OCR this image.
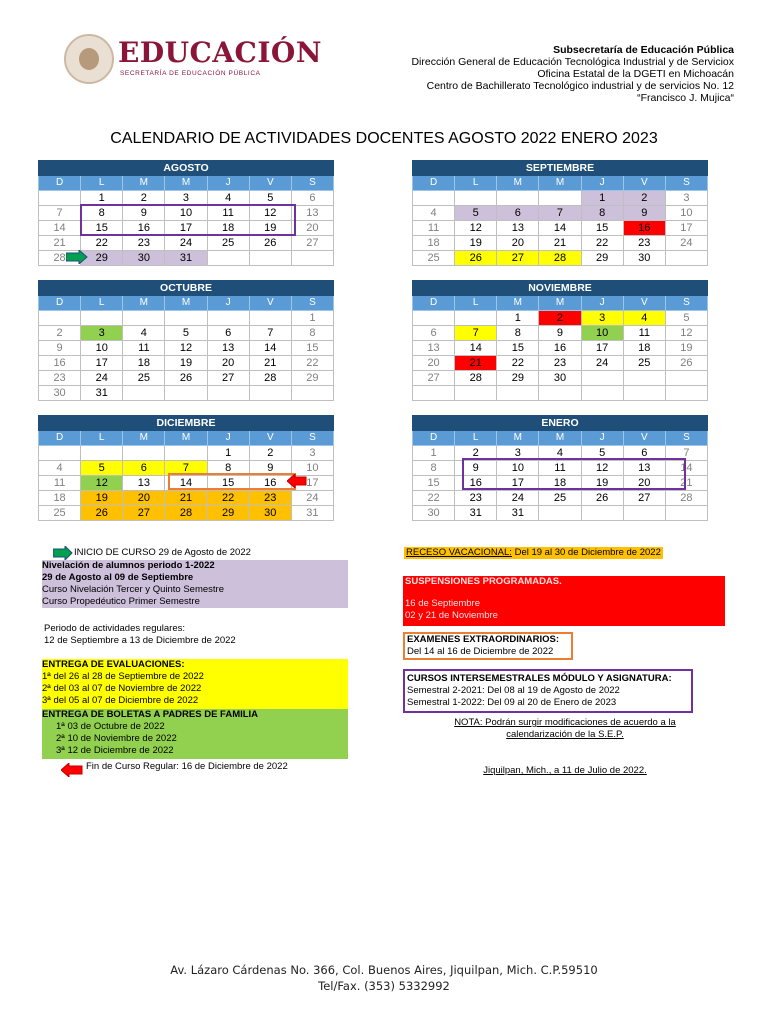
EDUCACIÓN
SECRETARÍA DE EDUCACIÓN PÚBLICA
Subsecretaría de Educación Pública
Dirección General de Educación Tecnológica Industrial y de Serviciox
Oficina Estatal de la DGETI en Michoacán
Centro de Bachillerato Tecnológico industrial y de servicios No. 12
“Francisco J. Mujica“
CALENDARIO DE ACTIVIDADES DOCENTES AGOSTO 2022 ENERO 2023
AGOSTO						
D	L	M	M	J	V	S
	1	2	3	4	5	6
7	8	9	10	11	12	13
14	15	16	17	18	19	20
21	22	23	24	25	26	27
28	29	30	31			
SEPTIEMBRE						
D	L	M	M	J	V	S
				1	2	3
4	5	6	7	8	9	10
11	12	13	14	15	16	17
18	19	20	21	22	23	24
25	26	27	28	29	30	
OCTUBRE						
D	L	M	M	J	V	S
						1
2	3	4	5	6	7	8
9	10	11	12	13	14	15
16	17	18	19	20	21	22
23	24	25	26	27	28	29
30	31					
NOVIEMBRE						
D	L	M	M	J	V	S
		1	2	3	4	5
6	7	8	9	10	11	12
13	14	15	16	17	18	19
20	21	22	23	24	25	26
27	28	29	30			

DICIEMBRE						
D	L	M	M	J	V	S
				1	2	3
4	5	6	7	8	9	10
11	12	13	14	15	16	17
18	19	20	21	22	23	24
25	26	27	28	29	30	31
ENERO						
D	L	M	M	J	V	S
1	2	3	4	5	6	7
8	9	10	11	12	13	14
15	16	17	18	19	20	21
22	23	24	25	26	27	28
30	31	31				
INICIO DE CURSO 29 de Agosto de 2022
Nivelación de alumnos periodo 1-2022
29 de Agosto al 09 de Septiembre
Curso Nivelación Tercer y Quinto Semestre
Curso Propedéutico Primer Semestre
Periodo de actividades regulares:
12 de Septiembre a 13 de Diciembre de 2022
ENTREGA DE EVALUACIONES:
1ª del 26 al 28 de Septiembre de 2022
2ª del 03 al 07 de Noviembre de 2022
3ª del 05 al 07 de Diciembre de 2022
ENTREGA DE BOLETAS A PADRES DE FAMILIA
1ª 03 de Octubre de 2022
2ª 10 de Noviembre de 2022
3ª 12 de Diciembre de 2022
Fin de Curso Regular: 16 de Diciembre de 2022
RECESO VACACIONAL: Del 19 al 30 de Diciembre de 2022
SUSPENSIONES PROGRAMADAS.
16 de Septiembre
02 y 21 de Noviembre
EXAMENES EXTRAORDINARIOS:
Del 14 al 16 de Diciembre de 2022
CURSOS INTERSEMESTRALES MÓDULO Y ASIGNATURA:
Semestral 2-2021: Del 08 al 19 de Agosto de 2022
Semestral 1-2022: Del 09 al 20 de Enero de 2023
NOTA: Podrán surgir modificaciones de acuerdo a la
calendarización de la S.E.P.
Jiquilpan, Mich., a 11 de Julio de 2022.
Av. Lázaro Cárdenas No. 366, Col. Buenos Aires, Jiquilpan, Mich. C.P.59510
Tel/Fax. (353) 5332992
